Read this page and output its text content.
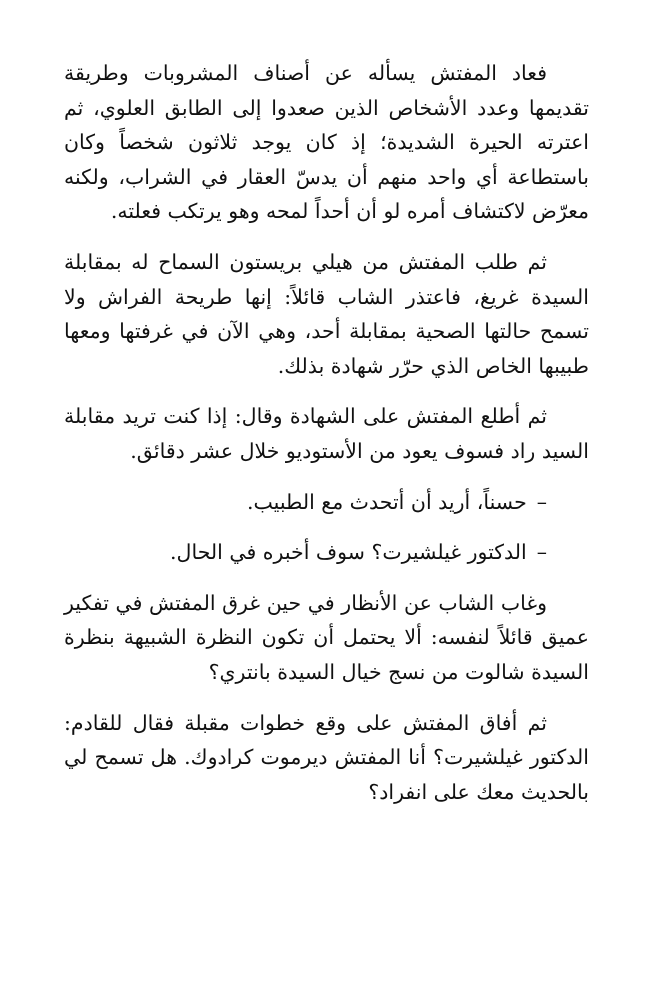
فعاد المفتش يسأله عن أصناف المشروبات وطريقة تقديمها وعدد الأشخاص الذين صعدوا إلى الطابق العلوي، ثم اعترته الحيرة الشديدة؛ إذ كان يوجد ثلاثون شخصاً وكان باستطاعة أي واحد منهم أن يدسّ العقار في الشراب، ولكنه معرّض لاكتشاف أمره لو أن أحداً لمحه وهو يرتكب فعلته.

ثم طلب المفتش من هيلي بريستون السماح له بمقابلة السيدة غريغ، فاعتذر الشاب قائلاً: إنها طريحة الفراش ولا تسمح حالتها الصحية بمقابلة أحد، وهي الآن في غرفتها ومعها طبيبها الخاص الذي حرّر شهادة بذلك.

ثم أطلع المفتش على الشهادة وقال: إذا كنت تريد مقابلة السيد راد فسوف يعود من الأستوديو خلال عشر دقائق.

–حسناً، أريد أن أتحدث مع الطبيب.

–الدكتور غيلشيرت؟ سوف أخبره في الحال.

وغاب الشاب عن الأنظار في حين غرق المفتش في تفكير عميق قائلاً لنفسه: ألا يحتمل أن تكون النظرة الشبيهة بنظرة السيدة شالوت من نسج خيال السيدة بانتري؟

ثم أفاق المفتش على وقع خطوات مقبلة فقال للقادم: الدكتور غيلشيرت؟ أنا المفتش ديرموت كرادوك. هل تسمح لي بالحديث معك على انفراد؟
